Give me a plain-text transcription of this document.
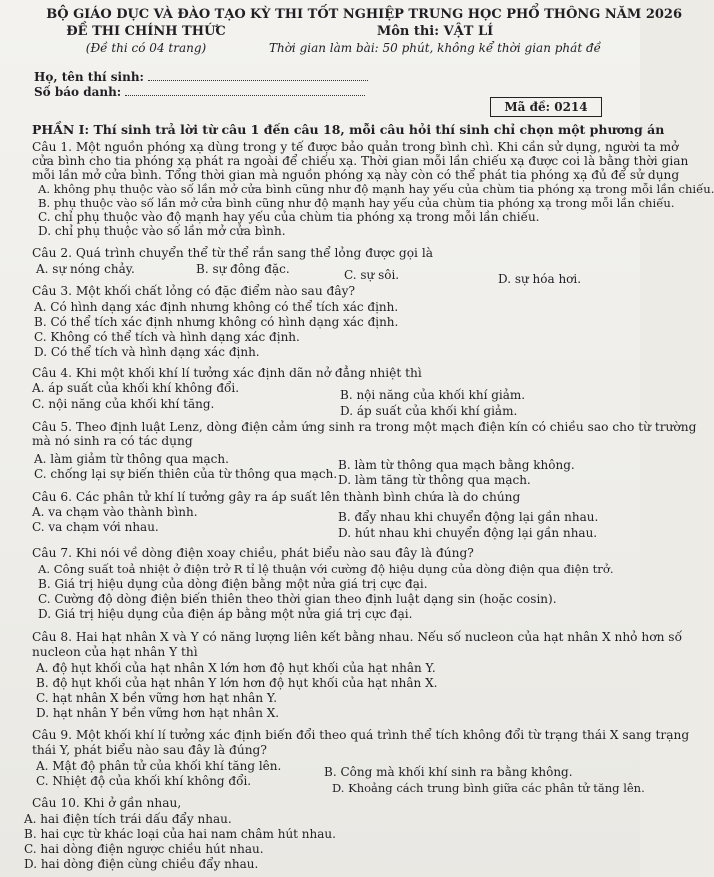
BỘ GIÁO DỤC VÀ ĐÀO TẠO
ĐỀ THI CHÍNH THỨC
(Đề thi có 04 trang)
KỲ THI TỐT NGHIỆP TRUNG HỌC PHỔ THÔNG NĂM 2026
Môn thi: VẬT LÍ
Thời gian làm bài: 50 phút, không kể thời gian phát đề
Họ, tên thí sinh:
Số báo danh:
Mã đề: 0214
PHẦN I: Thí sinh trả lời từ câu 1 đến câu 18, mỗi câu hỏi thí sinh chỉ chọn một phương án
Câu 1. Một nguồn phóng xạ dùng trong y tế được bảo quản trong bình chì. Khi cần sử dụng, người ta mở
cửa bình cho tia phóng xạ phát ra ngoài để chiếu xạ. Thời gian mỗi lần chiếu xạ được coi là bằng thời gian
mỗi lần mở cửa bình. Tổng thời gian mà nguồn phóng xạ này còn có thể phát tia phóng xạ đủ để sử dụng
A. không phụ thuộc vào số lần mở cửa bình cũng như độ mạnh hay yếu của chùm tia phóng xạ trong mỗi lần chiếu.
B. phụ thuộc vào số lần mở cửa bình cũng như độ mạnh hay yếu của chùm tia phóng xạ trong mỗi lần chiếu.
C. chỉ phụ thuộc vào độ mạnh hay yếu của chùm tia phóng xạ trong mỗi lần chiếu.
D. chỉ phụ thuộc vào số lần mở cửa bình.
Câu 2. Quá trình chuyển thể từ thể rắn sang thể lỏng được gọi là
A. sự nóng chảy.	B. sự đông đặc.	C. sự sôi.	D. sự hóa hơi.
Câu 3. Một khối chất lỏng có đặc điểm nào sau đây?
A. Có hình dạng xác định nhưng không có thể tích xác định.
B. Có thể tích xác định nhưng không có hình dạng xác định.
C. Không có thể tích và hình dạng xác định.
D. Có thể tích và hình dạng xác định.
Câu 4. Khi một khối khí lí tưởng xác định dãn nở đẳng nhiệt thì
A. áp suất của khối khí không đổi.	B. nội năng của khối khí giảm.
C. nội năng của khối khí tăng.	D. áp suất của khối khí giảm.
Câu 5. Theo định luật Lenz, dòng điện cảm ứng sinh ra trong một mạch điện kín có chiều sao cho từ trường
mà nó sinh ra có tác dụng
A. làm giảm từ thông qua mạch.	B. làm từ thông qua mạch bằng không.
C. chống lại sự biến thiên của từ thông qua mạch. D. làm tăng từ thông qua mạch.
Câu 6. Các phân tử khí lí tưởng gây ra áp suất lên thành bình chứa là do chúng
A. va chạm vào thành bình.	B. đẩy nhau khi chuyển động lại gần nhau.
C. va chạm với nhau.	D. hút nhau khi chuyển động lại gần nhau.
Câu 7. Khi nói về dòng điện xoay chiều, phát biểu nào sau đây là đúng?
A. Công suất toả nhiệt ở điện trở R tỉ lệ thuận với cường độ hiệu dụng của dòng điện qua điện trở.
B. Giá trị hiệu dụng của dòng điện bằng một nửa giá trị cực đại.
C. Cường độ dòng điện biến thiên theo thời gian theo định luật dạng sin (hoặc cosin).
D. Giá trị hiệu dụng của điện áp bằng một nửa giá trị cực đại.
Câu 8. Hai hạt nhân X và Y có năng lượng liên kết bằng nhau. Nếu số nucleon của hạt nhân X nhỏ hơn số
nucleon của hạt nhân Y thì
A. độ hụt khối của hạt nhân X lớn hơn độ hụt khối của hạt nhân Y.
B. độ hụt khối của hạt nhân Y lớn hơn độ hụt khối của hạt nhân X.
C. hạt nhân X bền vững hơn hạt nhân Y.
D. hạt nhân Y bền vững hơn hạt nhân X.
Câu 9. Một khối khí lí tưởng xác định biến đổi theo quá trình thể tích không đổi từ trạng thái X sang trạng
thái Y, phát biểu nào sau đây là đúng?
A. Mật độ phân tử của khối khí tăng lên.	B. Công mà khối khí sinh ra bằng không.
C. Nhiệt độ của khối khí không đổi.	D. Khoảng cách trung bình giữa các phân tử tăng lên.
Câu 10. Khi ở gần nhau,
A. hai điện tích trái dấu đẩy nhau.
B. hai cực từ khác loại của hai nam châm hút nhau.
C. hai dòng điện ngược chiều hút nhau.
D. hai dòng điện cùng chiều đẩy nhau.
